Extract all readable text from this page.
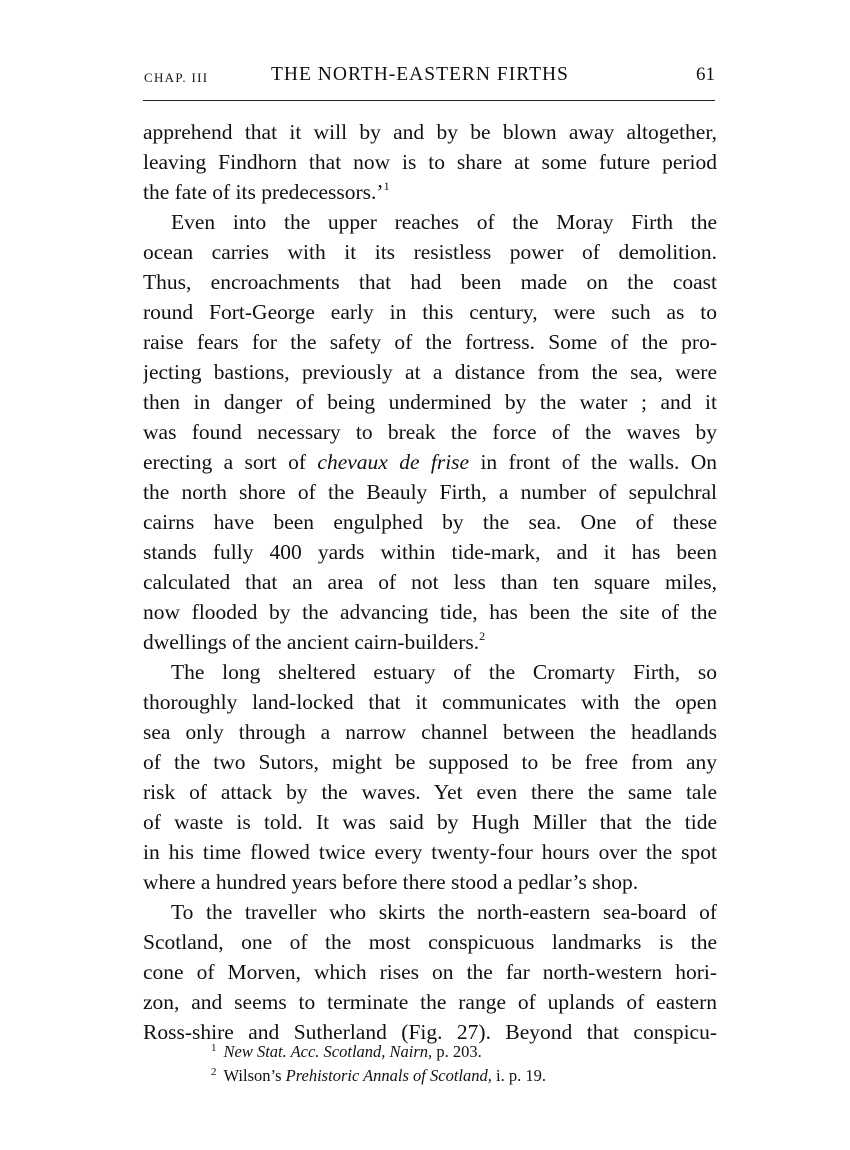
CHAP. III	THE NORTH-EASTERN FIRTHS	61
apprehend that it will by and by be blown away altogether,
leaving Findhorn that now is to share at some future period
the fate of its predecessors.’$^1$
Even into the upper reaches of the Moray Firth the
ocean carries with it its resistless power of demolition.
Thus, encroachments that had been made on the coast
round Fort-George early in this century, were such as to
raise fears for the safety of the fortress. Some of the pro-
jecting bastions, previously at a distance from the sea, were
then in danger of being undermined by the water ; and it
was found necessary to break the force of the waves by
erecting a sort of chevaux de frise in front of the walls. On
the north shore of the Beauly Firth, a number of sepulchral
cairns have been engulphed by the sea. One of these
stands fully 400 yards within tide-mark, and it has been
calculated that an area of not less than ten square miles,
now flooded by the advancing tide, has been the site of the
dwellings of the ancient cairn-builders.$^2$
The long sheltered estuary of the Cromarty Firth, so
thoroughly land-locked that it communicates with the open
sea only through a narrow channel between the headlands
of the two Sutors, might be supposed to be free from any
risk of attack by the waves. Yet even there the same tale
of waste is told. It was said by Hugh Miller that the tide
in his time flowed twice every twenty-four hours over the spot
where a hundred years before there stood a pedlar’s shop.
To the traveller who skirts the north-eastern sea-board of
Scotland, one of the most conspicuous landmarks is the
cone of Morven, which rises on the far north-western hori-
zon, and seems to terminate the range of uplands of eastern
Ross-shire and Sutherland (Fig. 27). Beyond that conspicu-
$^1$ New Stat. Acc. Scotland, Nairn, p. 203.
$^2$ Wilson’s Prehistoric Annals of Scotland, i. p. 19.
